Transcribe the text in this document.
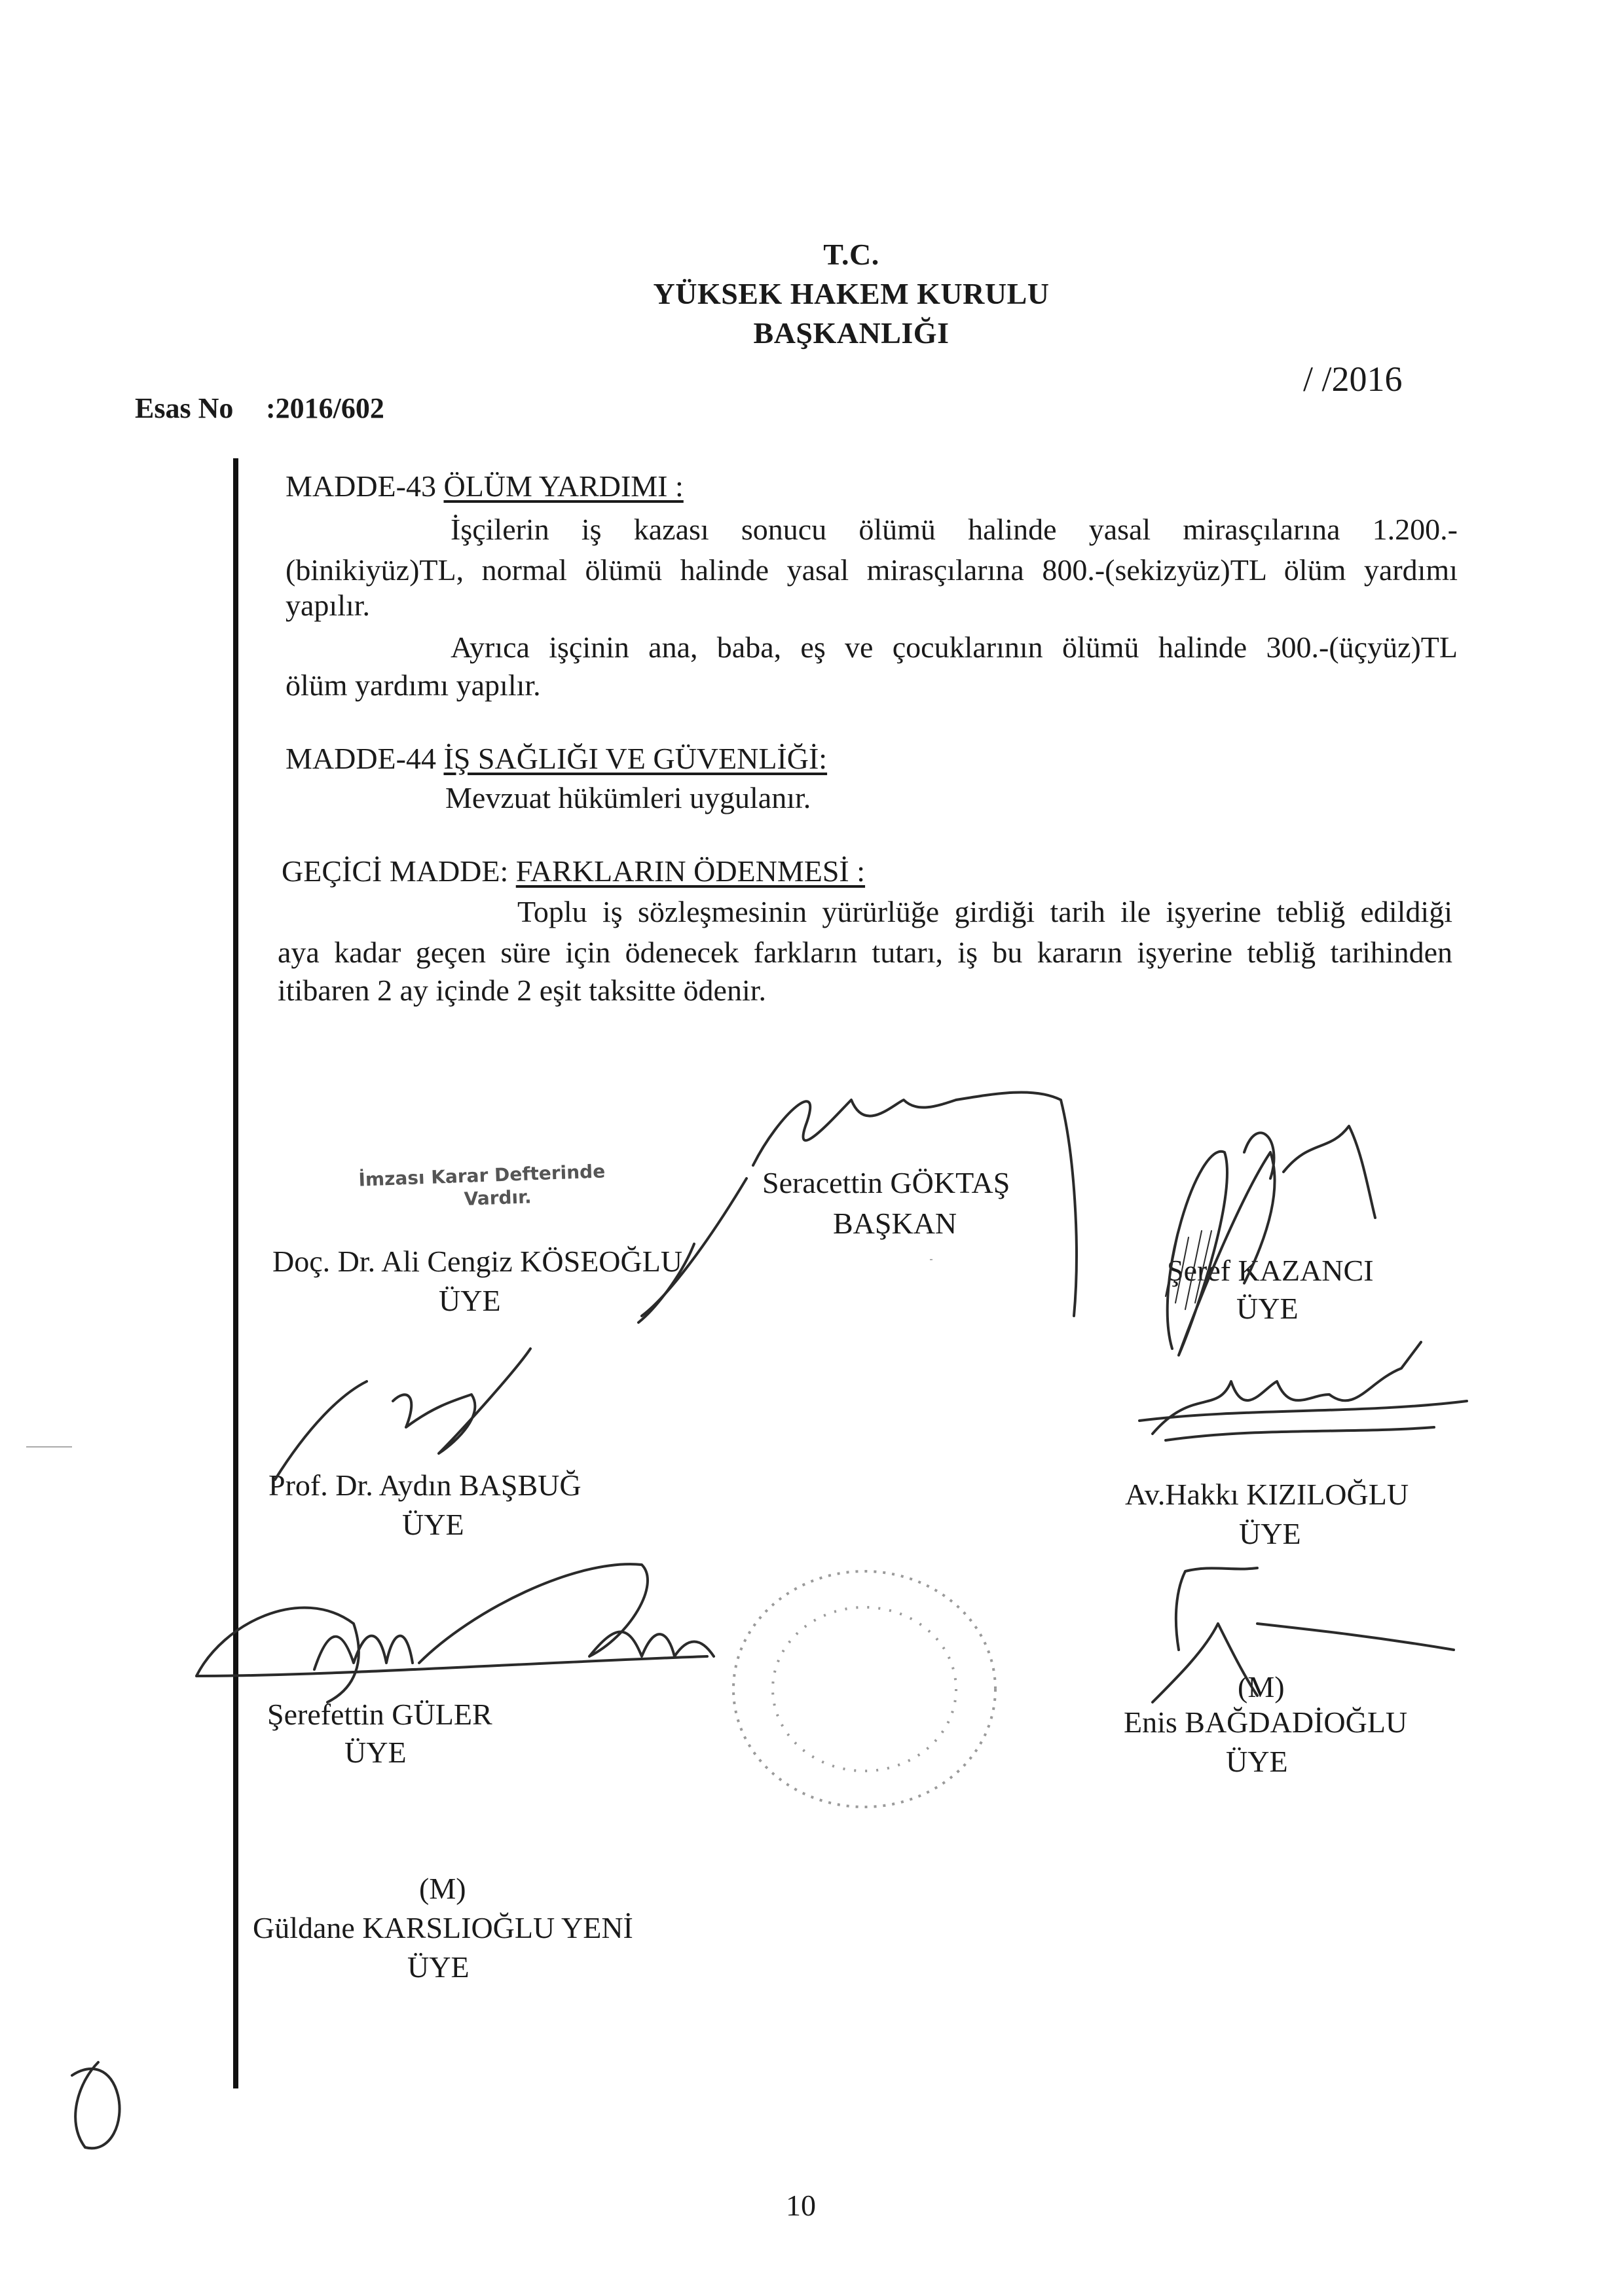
T.C.
YÜKSEK HAKEM KURULU
BAŞKANLIĞI
Esas No :2016/602
/ /2016
MADDE-43 ÖLÜM YARDIMI :
İşçilerin iş kazası sonucu ölümü halinde yasal mirasçılarına 1.200.-
(binikiyüz)TL, normal ölümü halinde yasal mirasçılarına 800.-(sekizyüz)TL ölüm yardımı
yapılır.
Ayrıca işçinin ana, baba, eş ve çocuklarının ölümü halinde 300.-(üçyüz)TL
ölüm yardımı yapılır.
MADDE-44 İŞ SAĞLIĞI VE GÜVENLİĞİ:
Mevzuat hükümleri uygulanır.
GEÇİCİ MADDE: FARKLARIN ÖDENMESİ :
Toplu iş sözleşmesinin yürürlüğe girdiği tarih ile işyerine tebliğ edildiği
aya kadar geçen süre için ödenecek farkların tutarı, iş bu kararın işyerine tebliğ tarihinden
itibaren 2 ay içinde 2 eşit taksitte ödenir.
İmzası Karar Defterinde
Vardır.	Seracettin GÖKTAŞ
BAŞKAN
Doç. Dr. Ali Cengiz KÖSEOĞLU
ÜYE
Şeref KAZANCI
ÜYE
Prof. Dr. Aydın BAŞBUĞ
ÜYE
Av.Hakkı KIZILOĞLU
ÜYE
Şerefettin GÜLER
ÜYE
(M)
Enis BAĞDADİOĞLU
ÜYE
(M)
Güldane KARSLIOĞLU YENİ
ÜYE
10
